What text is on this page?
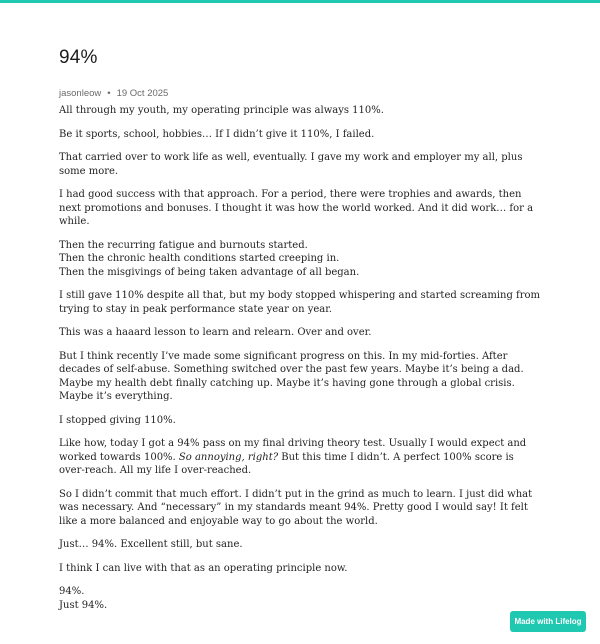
94%
jasonleow • 19 Oct 2025

All through my youth, my operating principle was always 110%.

Be it sports, school, hobbies… If I didn’t give it 110%, I failed.

That carried over to work life as well, eventually. I gave my work and employer my all, plus some more.

I had good success with that approach. For a period, there were trophies and awards, then next promotions and bonuses. I thought it was how the world worked. And it did work… for a while.

Then the recurring fatigue and burnouts started.
Then the chronic health conditions started creeping in.
Then the misgivings of being taken advantage of all began.

I still gave 110% despite all that, but my body stopped whispering and started screaming from trying to stay in peak performance state year on year.

This was a haaard lesson to learn and relearn. Over and over.

But I think recently I’ve made some significant progress on this. In my mid-forties. After decades of self-abuse. Something switched over the past few years. Maybe it’s being a dad. Maybe my health debt finally catching up. Maybe it’s having gone through a global crisis. Maybe it’s everything.

I stopped giving 110%.

Like how, today I got a 94% pass on my final driving theory test. Usually I would expect and worked towards 100%. So annoying, right? But this time I didn’t. A perfect 100% score is over-reach. All my life I over-reached.

So I didn’t commit that much effort. I didn’t put in the grind as much to learn. I just did what was necessary. And “necessary” in my standards meant 94%. Pretty good I would say! It felt like a more balanced and enjoyable way to go about the world.

Just… 94%. Excellent still, but sane.

I think I can live with that as an operating principle now.

94%.
Just 94%.

Made with Lifelog
